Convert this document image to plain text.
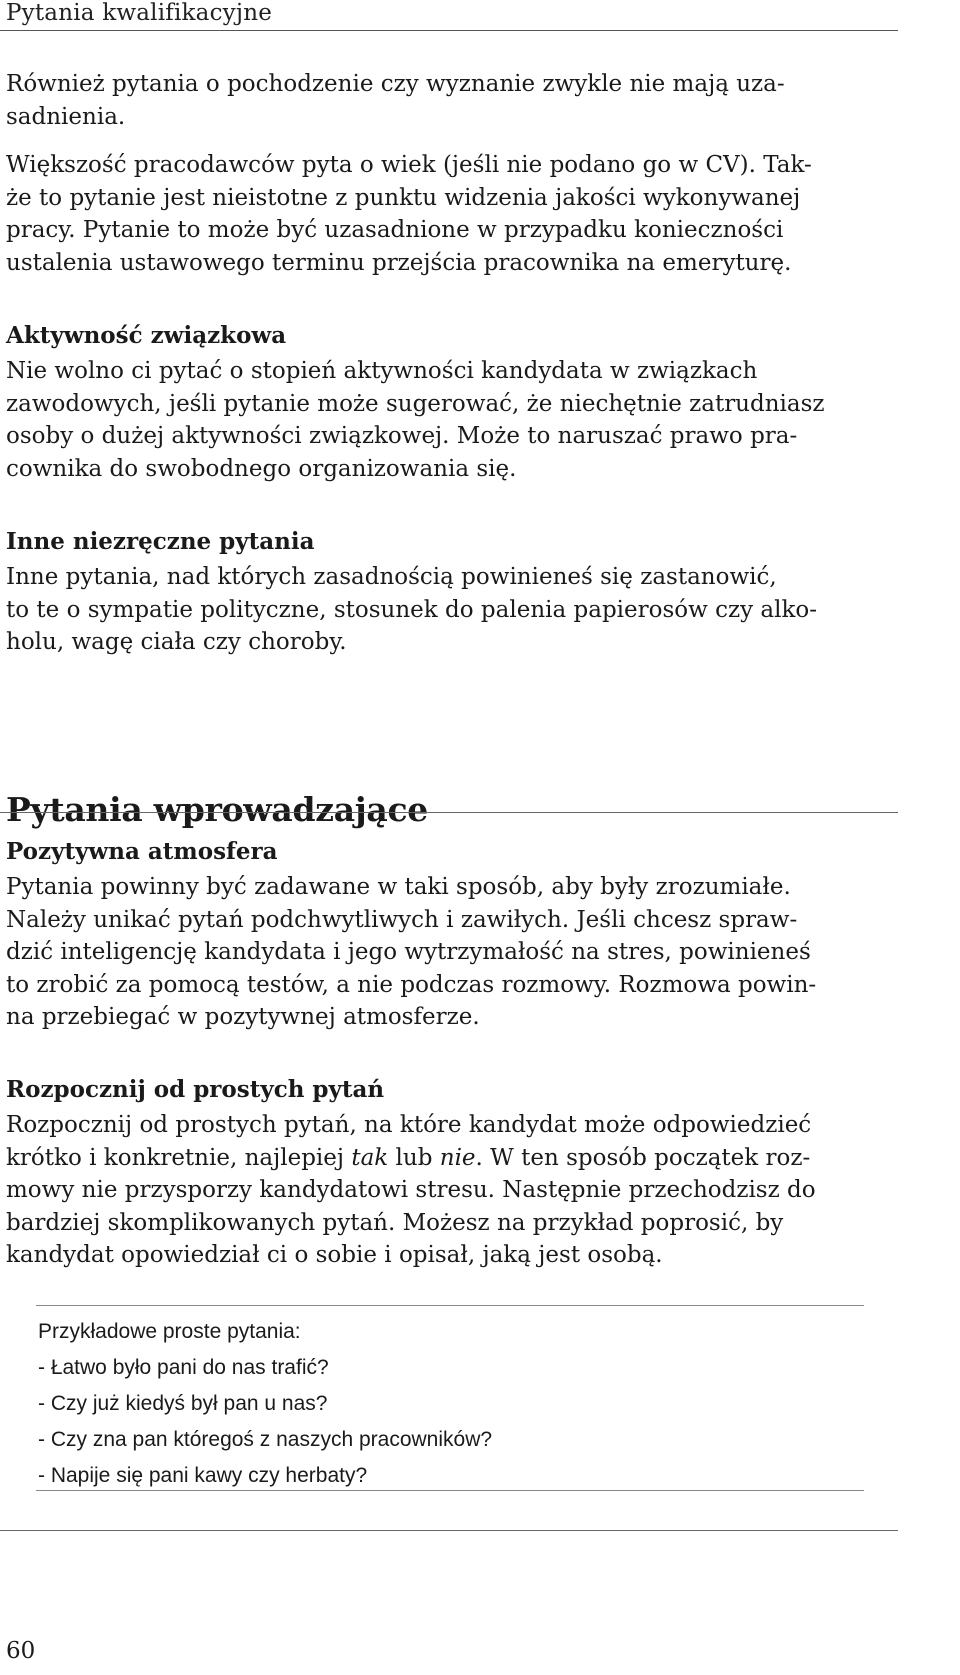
Pytania kwalifikacyjne

Również pytania o pochodzenie czy wyznanie zwykle nie mają uza-
sadnienia.

Większość pracodawców pyta o wiek (jeśli nie podano go w CV). Tak-
że to pytanie jest nieistotne z punktu widzenia jakości wykonywanej
pracy. Pytanie to może być uzasadnione w przypadku konieczności
ustalenia ustawowego terminu przejścia pracownika na emeryturę.

Aktywność związkowa

Nie wolno ci pytać o stopień aktywności kandydata w związkach
zawodowych, jeśli pytanie może sugerować, że niechętnie zatrudniasz
osoby o dużej aktywności związkowej. Może to naruszać prawo pra-
cownika do swobodnego organizowania się.

Inne niezręczne pytania

Inne pytania, nad których zasadnością powinieneś się zastanowić,
to te o sympatie polityczne, stosunek do palenia papierosów czy alko-
holu, wagę ciała czy choroby.

Pytania wprowadzające
Pozytywna atmosfera

Pytania powinny być zadawane w taki sposób, aby były zrozumiałe.
Należy unikać pytań podchwytliwych i zawiłych. Jeśli chcesz spraw-
dzić inteligencję kandydata i jego wytrzymałość na stres, powinieneś
to zrobić za pomocą testów, a nie podczas rozmowy. Rozmowa powin-
na przebiegać w pozytywnej atmosferze.

Rozpocznij od prostych pytań

Rozpocznij od prostych pytań, na które kandydat może odpowiedzieć
krótko i konkretnie, najlepiej tak lub nie. W ten sposób początek roz-
mowy nie przysporzy kandydatowi stresu. Następnie przechodzisz do
bardziej skomplikowanych pytań. Możesz na przykład poprosić, by
kandydat opowiedział ci o sobie i opisał, jaką jest osobą.

Przykładowe proste pytania:
- Łatwo było pani do nas trafić?
- Czy już kiedyś był pan u nas?
- Czy zna pan któregoś z naszych pracowników?
- Napije się pani kawy czy herbaty?
60
